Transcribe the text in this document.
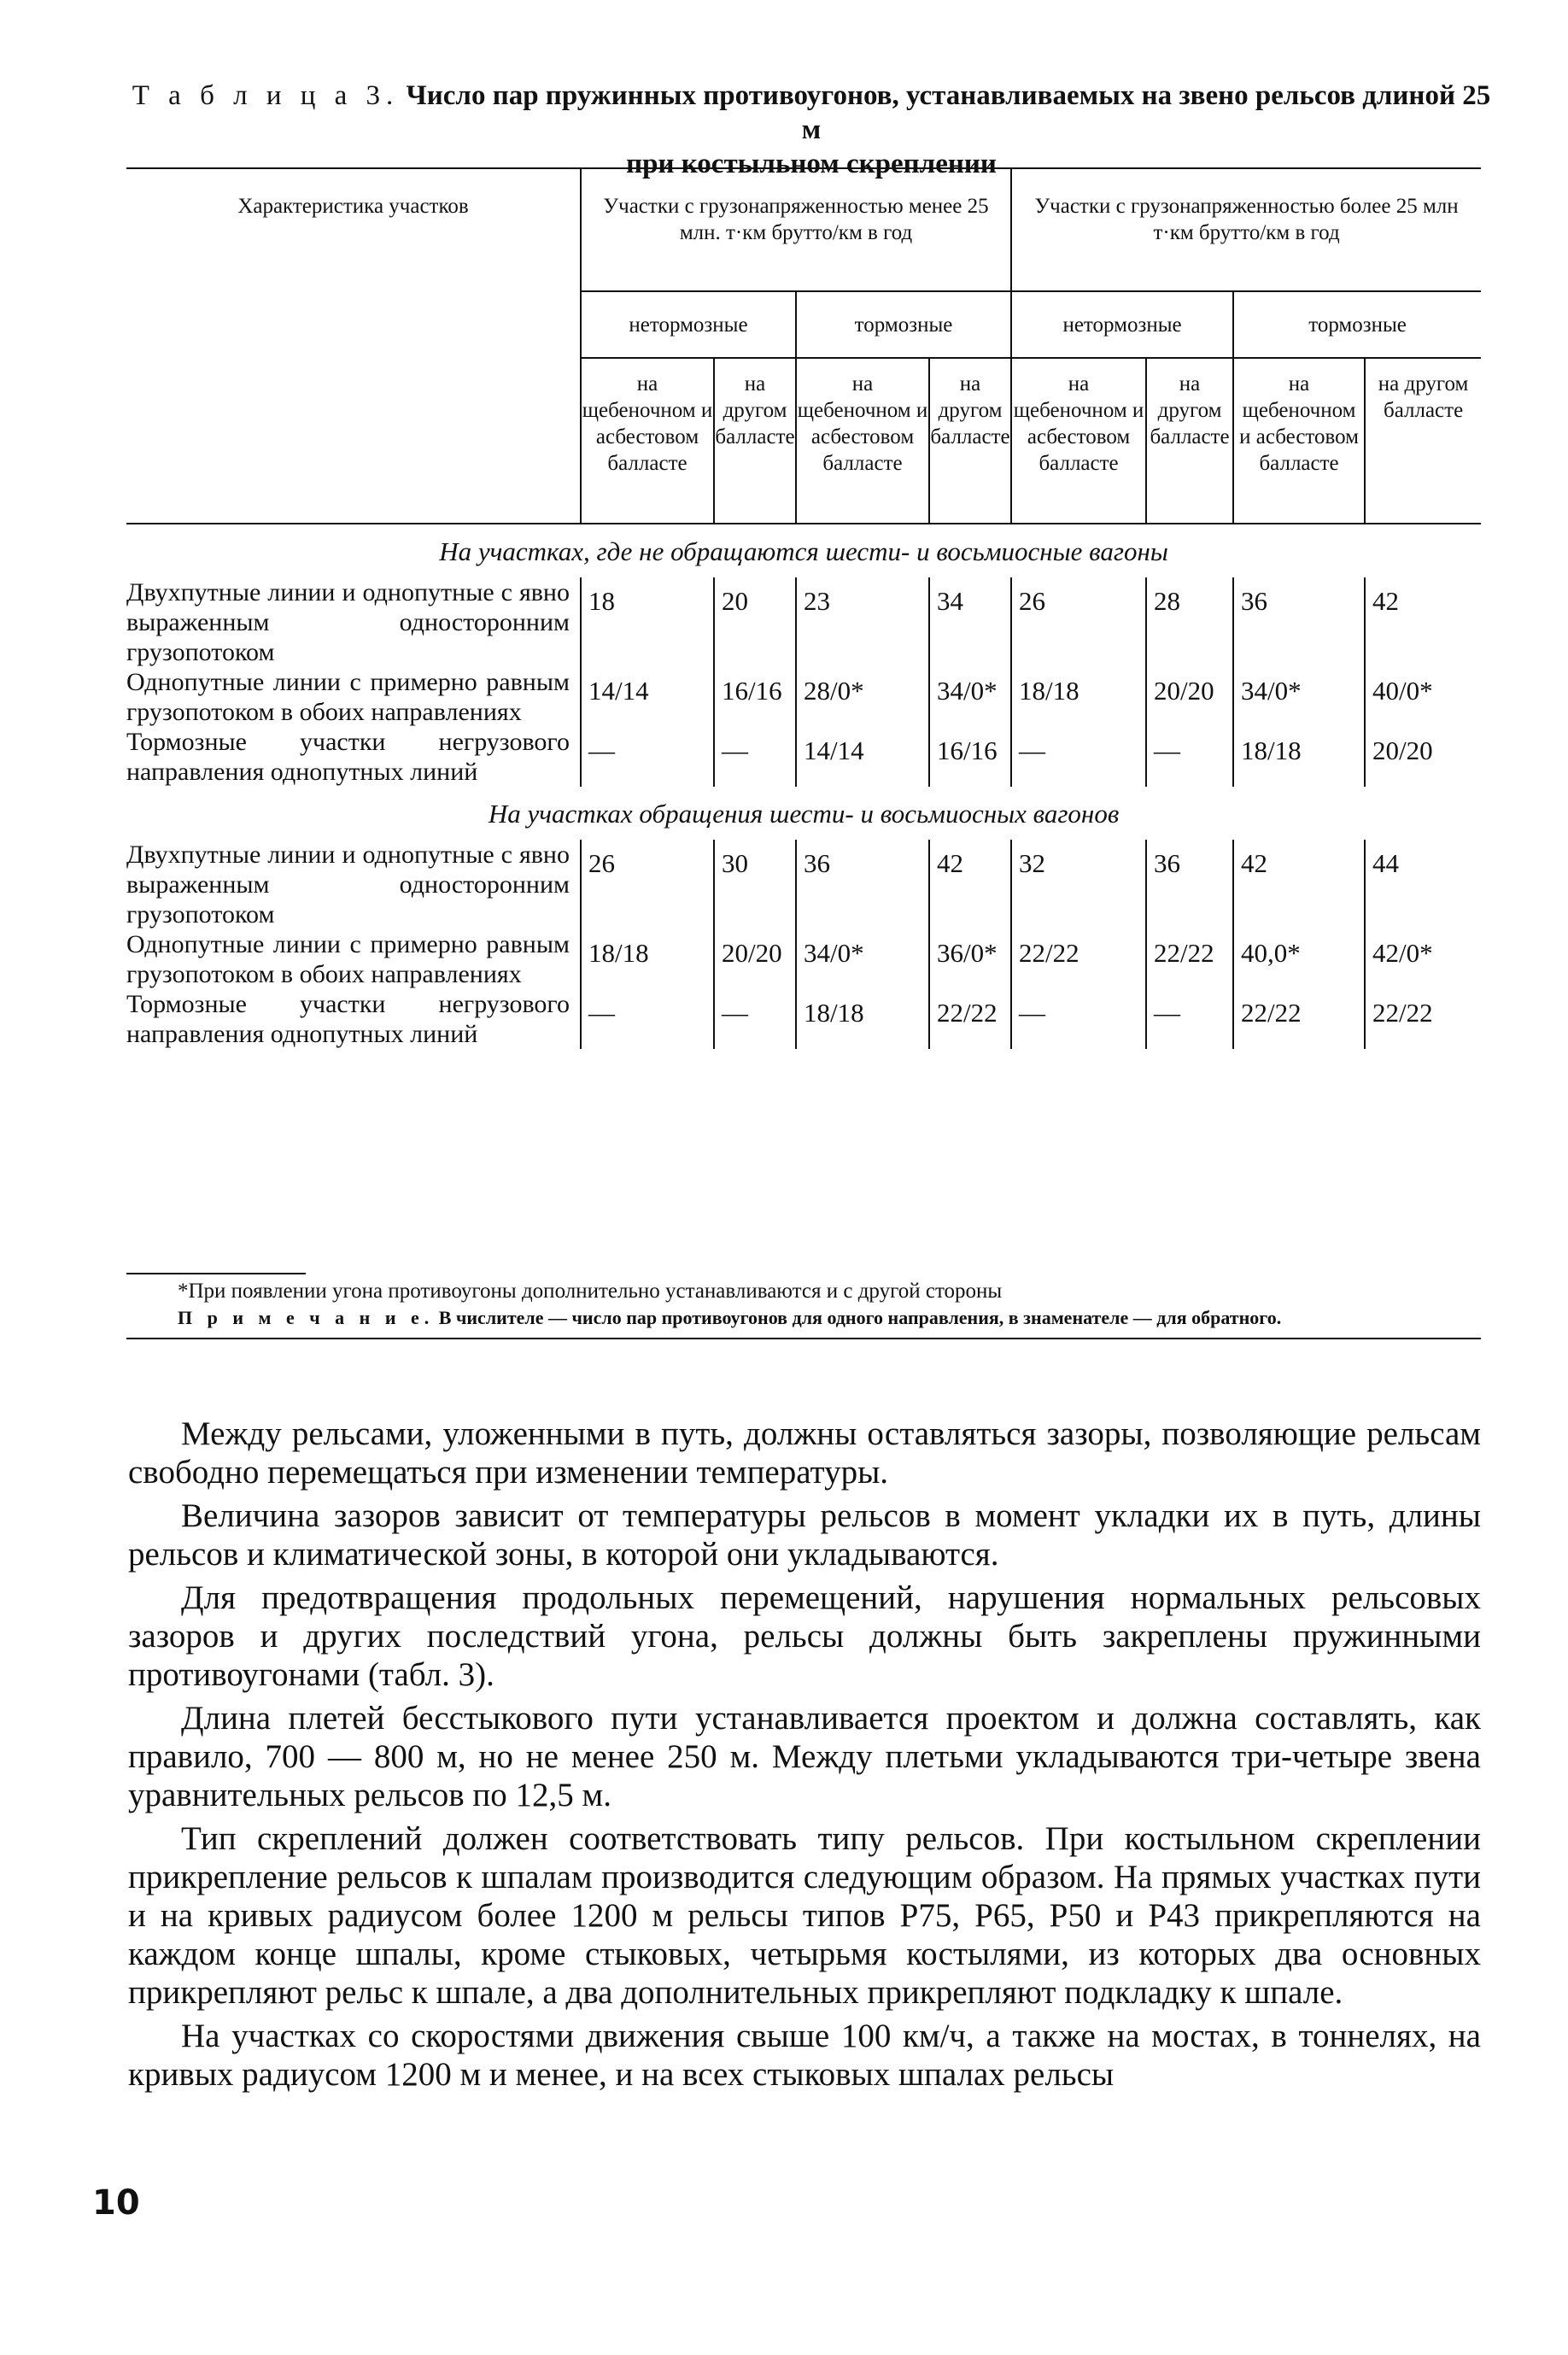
Т а б л и ц а 3. Число пар пружинных противоугонов, устанавливаемых на звено рельсов длиной 25 м
при костыльном скреплении
Характеристика участков	Участки с грузонапряженностью менее 25 млн. т·км брутто/км в год				Участки с грузонапряженностью более 25 млн т·км брутто/км в год			
	нетормозные		тормозные		нетормозные		тормозные	
	на щебеночном и асбестовом балласте	на другом балласте	на щебеночном и асбестовом балласте	на другом балласте	на щебеночном и асбестовом балласте	на другом балласте	на щебеночном и асбестовом балласте	на другом балласте
На участках, где не обращаются шести- и восьмиосные вагоны								
Двухпутные линии и однопутные с явно выраженным односторонним грузопотоком	18	20	23	34	26	28	36	42
Однопутные линии с примерно равным грузопотоком в обоих направлениях	14/14	16/16	28/0*	34/0*	18/18	20/20	34/0*	40/0*
Тормозные участки негрузового направления однопутных линий	—	—	14/14	16/16	—	—	18/18	20/20
На участках обращения шести- и восьмиосных вагонов								
Двухпутные линии и однопутные с явно выраженным односторонним грузопотоком	26	30	36	42	32	36	42	44
Однопутные линии с примерно равным грузопотоком в обоих направлениях	18/18	20/20	34/0*	36/0*	22/22	22/22	40,0*	42/0*
Тормозные участки негрузового направления однопутных линий	—	—	18/18	22/22	—	—	22/22	22/22
*При появлении угона противоугоны дополнительно устанавливаются и с другой стороны
П р и м е ч а н и е. В числителе — число пар противоугонов для одного направления, в знаменателе — для обратного.

Между рельсами, уложенными в путь, должны оставляться зазоры, позволяющие рельсам свободно перемещаться при изменении температуры.

Величина зазоров зависит от температуры рельсов в момент укладки их в путь, длины рельсов и климатической зоны, в которой они укладываются.

Для предотвращения продольных перемещений, нарушения нормальных рельсовых зазоров и других последствий угона, рельсы должны быть закреплены пружинными противоугонами (табл. 3).

Длина плетей бесстыкового пути устанавливается проектом и должна составлять, как правило, 700 — 800 м, но не менее 250 м. Между плетьми укладываются три-четыре звена уравнительных рельсов по 12,5 м.

Тип скреплений должен соответствовать типу рельсов. При костыльном скреплении прикрепление рельсов к шпалам производится следующим образом. На прямых участках пути и на кривых радиусом более 1200 м рельсы типов Р75, Р65, Р50 и Р43 прикрепляются на каждом конце шпалы, кроме стыковых, четырьмя костылями, из которых два основных прикрепляют рельс к шпале, а два дополнительных прикрепляют подкладку к шпале.

На участках со скоростями движения свыше 100 км/ч, а также на мостах, в тоннелях, на кривых радиусом 1200 м и менее, и на всех стыковых шпалах рельсы

10
